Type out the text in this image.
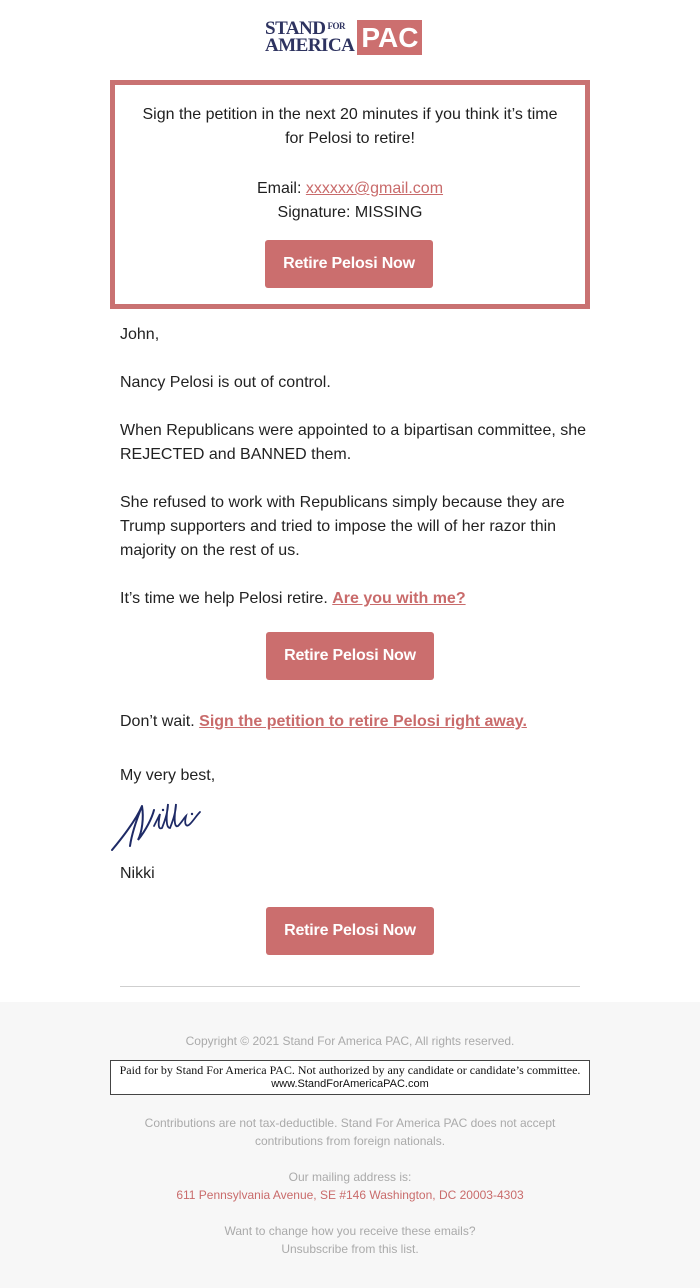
STAND FOR
AMERICA PAC
Sign the petition in the next 20 minutes if you think it’s time for Pelosi to retire!
Email: xxxxxx@gmail.com
Signature: MISSING
Retire Pelosi Now
John,
Nancy Pelosi is out of control.
When Republicans were appointed to a bipartisan committee, she REJECTED and BANNED them.
She refused to work with Republicans simply because they are Trump supporters and tried to impose the will of her razor thin majority on the rest of us.
It’s time we help Pelosi retire. Are you with me?
Retire Pelosi Now
Don’t wait. Sign the petition to retire Pelosi right away.
My very best,
Nikki
Retire Pelosi Now
Copyright © 2021 Stand For America PAC, All rights reserved.
Paid for by Stand For America PAC. Not authorized by any candidate or candidate’s committee.
www.StandForAmericaPAC.com
Contributions are not tax-deductible. Stand For America PAC does not accept contributions from foreign nationals.
Our mailing address is:
611 Pennsylvania Avenue, SE #146 Washington, DC 20003-4303
Want to change how you receive these emails?
Unsubscribe from this list.
